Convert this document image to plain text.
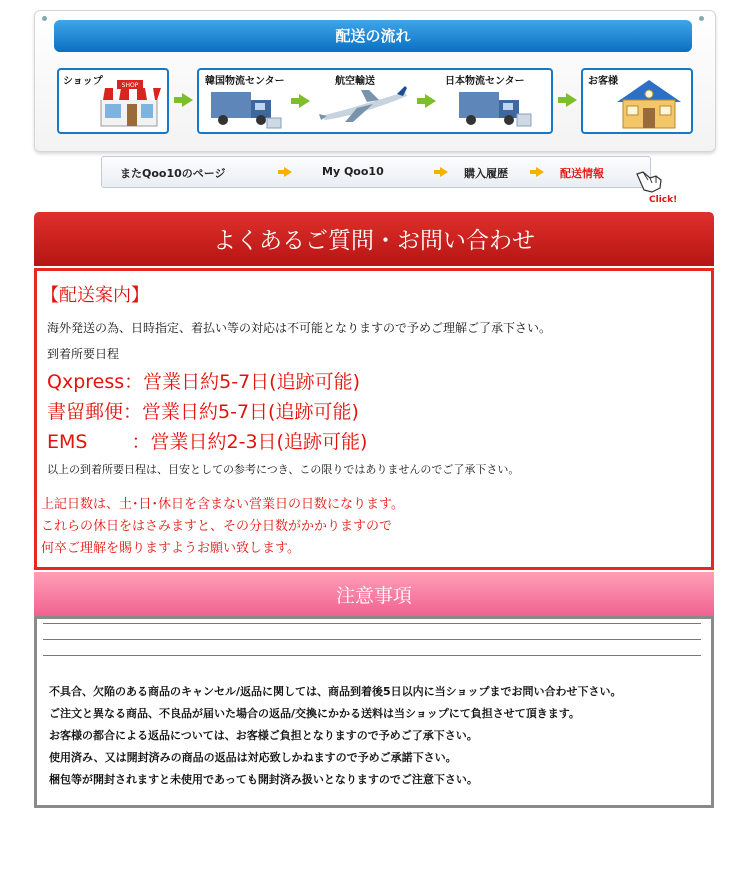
配送の流れ
ショップ	SHOP	韓国物流センター	航空輸送	日本物流センター	お客様
またQoo10のページ	My Qoo10	購入履歴	配送情報
Click!
よくあるご質問・お問い合わせ
【配送案内】
海外発送の為、日時指定、着払い等の対応は不可能となりますので予めご理解ご了承下さい。
到着所要日程
Qxpress：営業日約5-7日(追跡可能)
書留郵便：営業日約5-7日(追跡可能)
EMS　　 ：営業日約2-3日(追跡可能)
以上の到着所要日程は、目安としての参考につき、この限りではありませんのでご了承下さい。
上記日数は、土･日･休日を含まない営業日の日数になります。
これらの休日をはさみますと、その分日数がかかりますので
何卒ご理解を賜りますようお願い致します。
注意事項
不具合、欠陥のある商品のキャンセル/返品に関しては、商品到着後5日以内に当ショップまでお問い合わせ下さい。
ご注文と異なる商品、不良品が届いた場合の返品/交換にかかる送料は当ショップにて負担させて頂きます。
お客様の都合による返品については、お客様ご負担となりますので予めご了承下さい。
使用済み、又は開封済みの商品の返品は対応致しかねますので予めご承諾下さい。
梱包等が開封されますと未使用であっても開封済み扱いとなりますのでご注意下さい。
